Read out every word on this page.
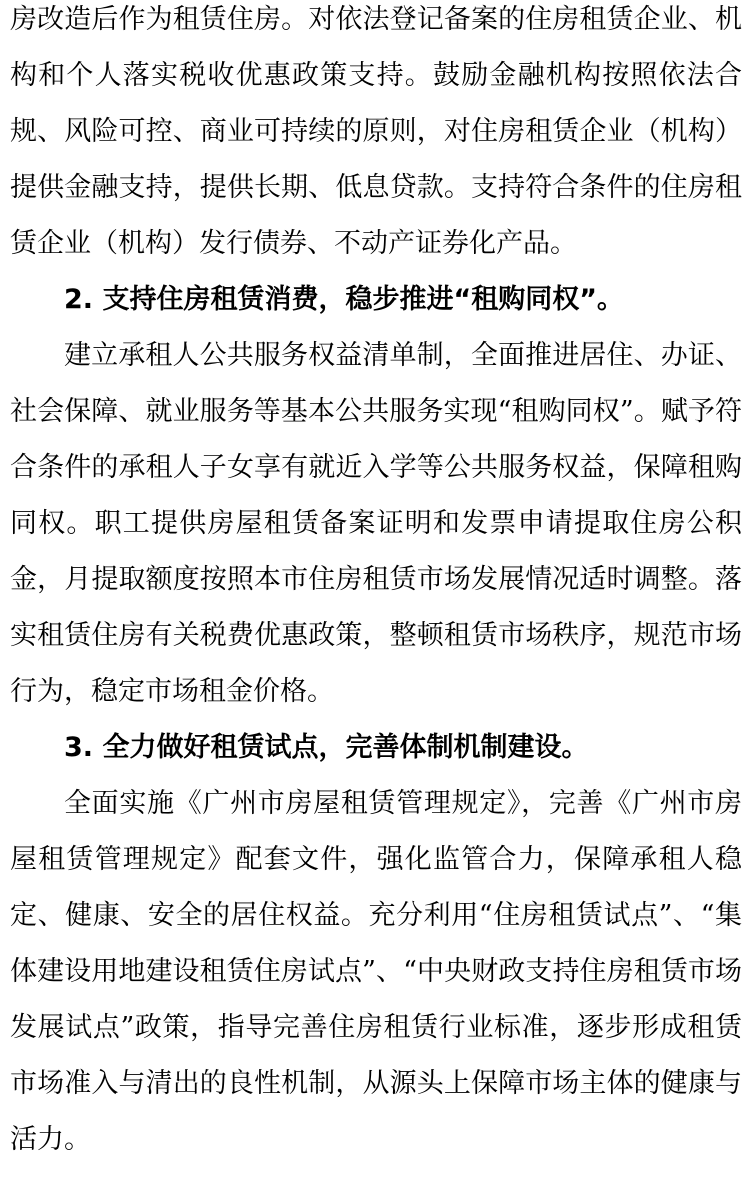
房改造后作为租赁住房。对依法登记备案的住房租赁企业、机构和个人落实税收优惠政策支持。鼓励金融机构按照依法合规、风险可控、商业可持续的原则，对住房租赁企业（机构）提供金融支持，提供长期、低息贷款。支持符合条件的住房租赁企业（机构）发行债券、不动产证券化产品。

2. 支持住房租赁消费，稳步推进“租购同权”。

建立承租人公共服务权益清单制，全面推进居住、办证、社会保障、就业服务等基本公共服务实现“租购同权”。赋予符合条件的承租人子女享有就近入学等公共服务权益，保障租购同权。职工提供房屋租赁备案证明和发票申请提取住房公积金，月提取额度按照本市住房租赁市场发展情况适时调整。落实租赁住房有关税费优惠政策，整顿租赁市场秩序，规范市场行为，稳定市场租金价格。

3. 全力做好租赁试点，完善体制机制建设。

全面实施《广州市房屋租赁管理规定》，完善《广州市房屋租赁管理规定》配套文件，强化监管合力，保障承租人稳定、健康、安全的居住权益。充分利用“住房租赁试点”、“集体建设用地建设租赁住房试点”、“中央财政支持住房租赁市场发展试点”政策，指导完善住房租赁行业标准，逐步形成租赁市场准入与清出的良性机制，从源头上保障市场主体的健康与活力。
